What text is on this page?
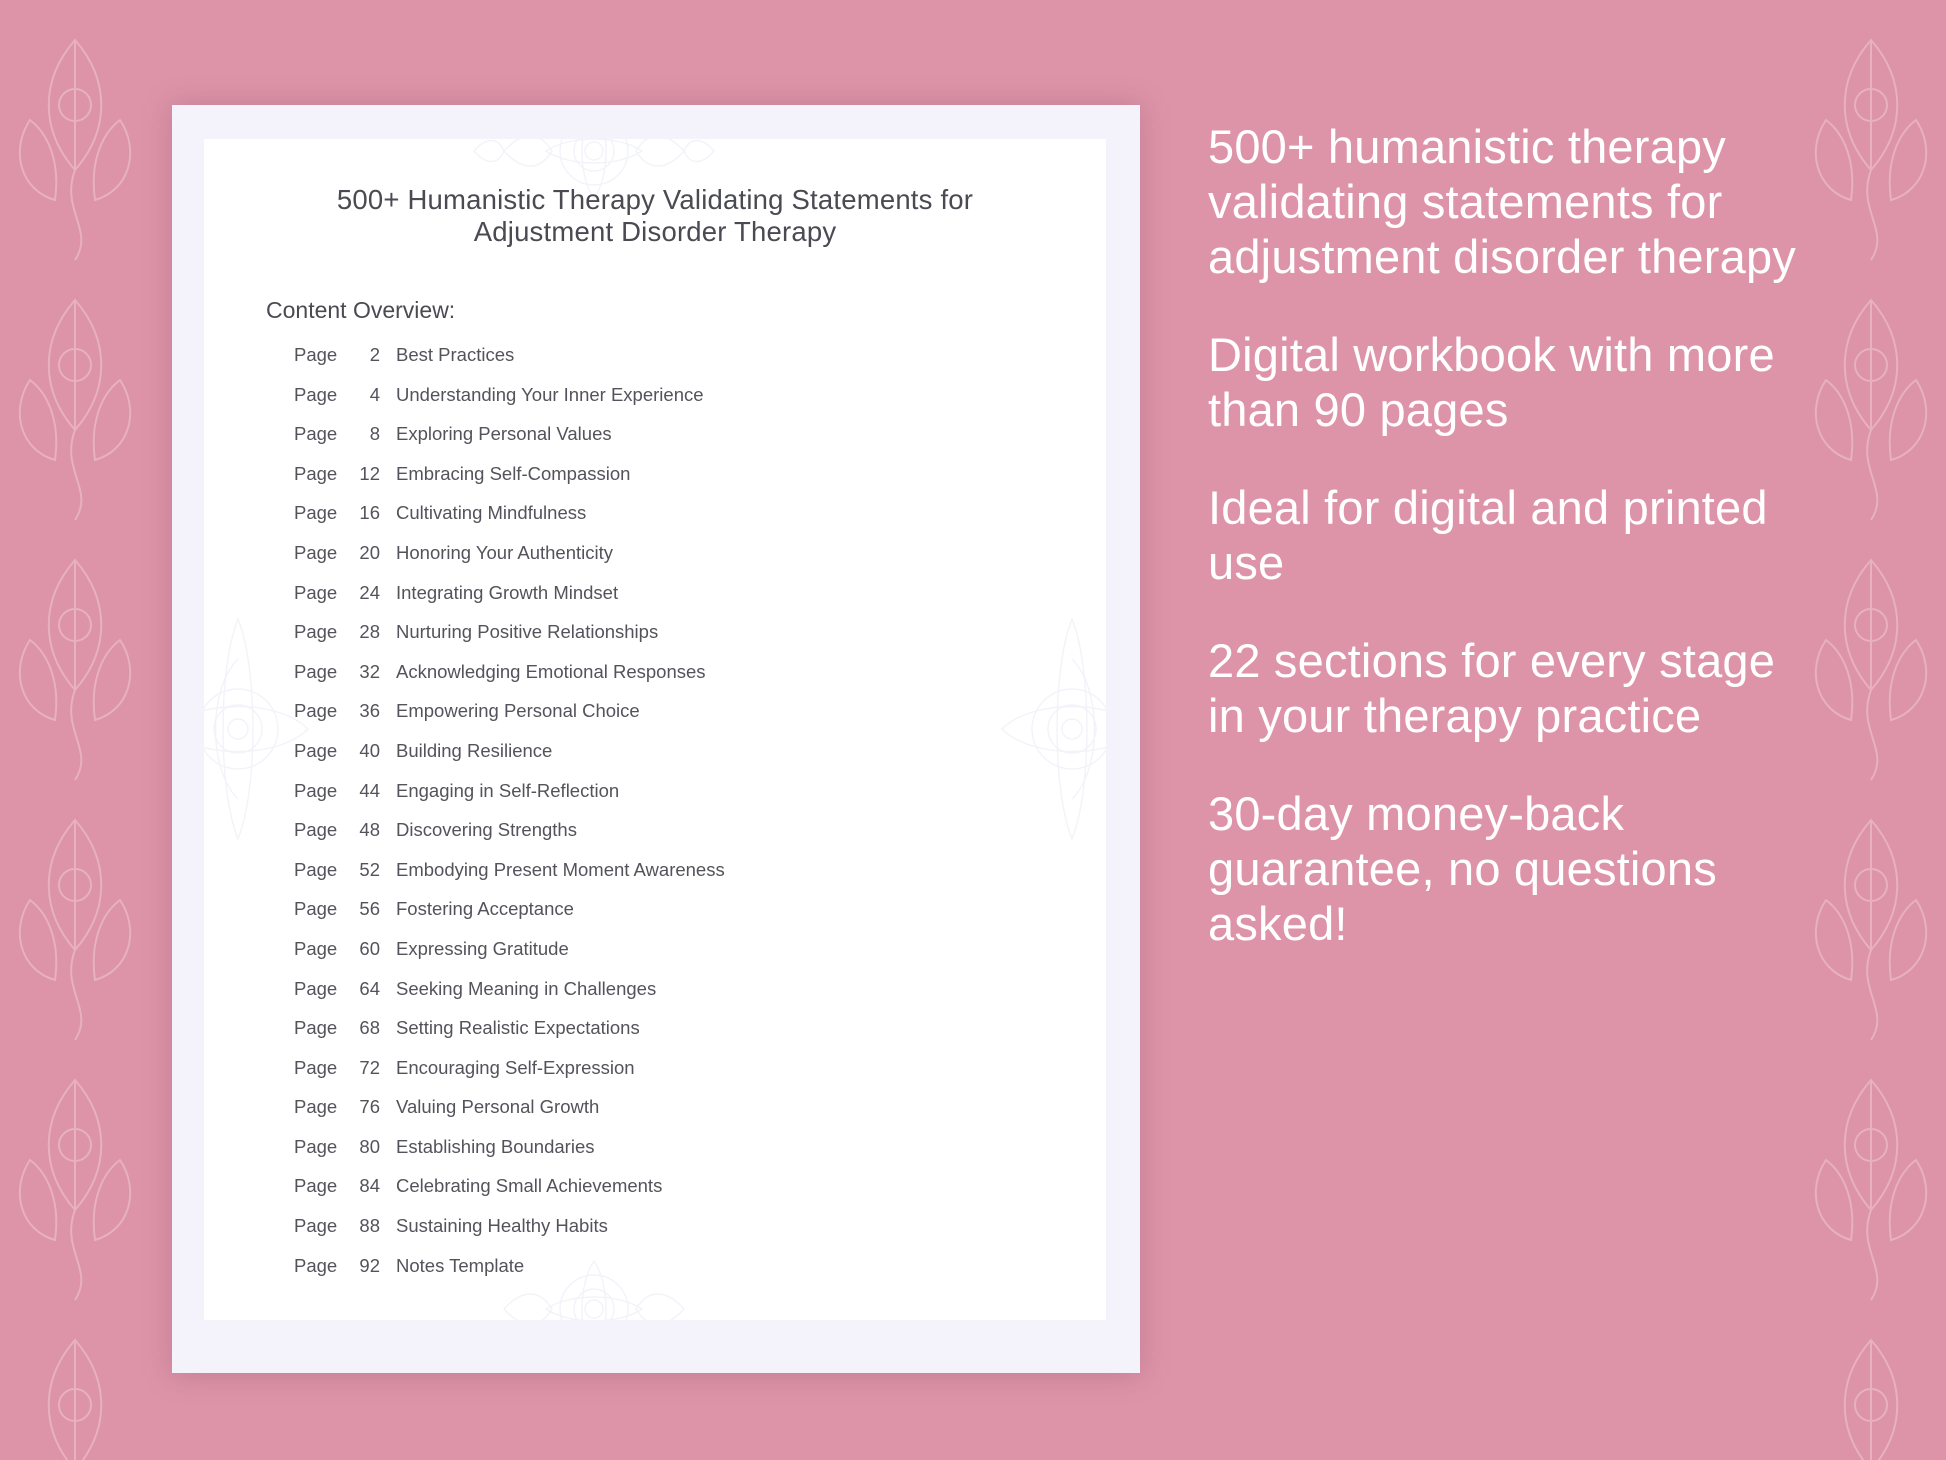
500+ Humanistic Therapy Validating Statements for Adjustment Disorder Therapy
Content Overview:
Page	2 Best Practices
Page	4 Understanding Your Inner Experience
Page	8 Exploring Personal Values
Page	12 Embracing Self-Compassion
Page	16 Cultivating Mindfulness
Page	20 Honoring Your Authenticity
Page	24 Integrating Growth Mindset
Page	28 Nurturing Positive Relationships
Page	32 Acknowledging Emotional Responses
Page	36 Empowering Personal Choice
Page	40 Building Resilience
Page	44 Engaging in Self-Reflection
Page	48 Discovering Strengths
Page	52 Embodying Present Moment Awareness
Page	56 Fostering Acceptance
Page	60 Expressing Gratitude
Page	64 Seeking Meaning in Challenges
Page	68 Setting Realistic Expectations
Page	72 Encouraging Self-Expression
Page	76 Valuing Personal Growth
Page	80 Establishing Boundaries
Page	84 Celebrating Small Achievements
Page	88 Sustaining Healthy Habits
Page	92 Notes Template
500+ humanistic therapy validating statements for adjustment disorder therapy
Digital workbook with more than 90 pages
Ideal for digital and printed use
22 sections for every stage in your therapy practice
30-day money-back guarantee, no questions asked!
